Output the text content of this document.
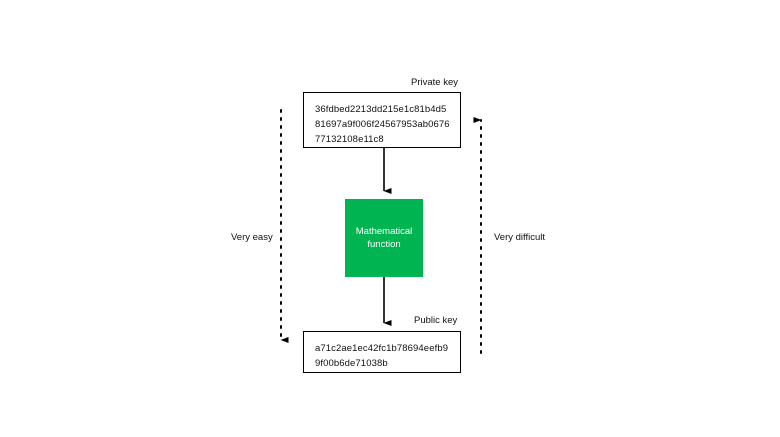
Private key
36fdbed2213dd215e1c81b4d581697a9f006f24567953ab067677132108e11c8
Mathematical
function
Public key
a71c2ae1ec42fc1b78694eefb99f00b6de71038b
Very easy	Very difficult
